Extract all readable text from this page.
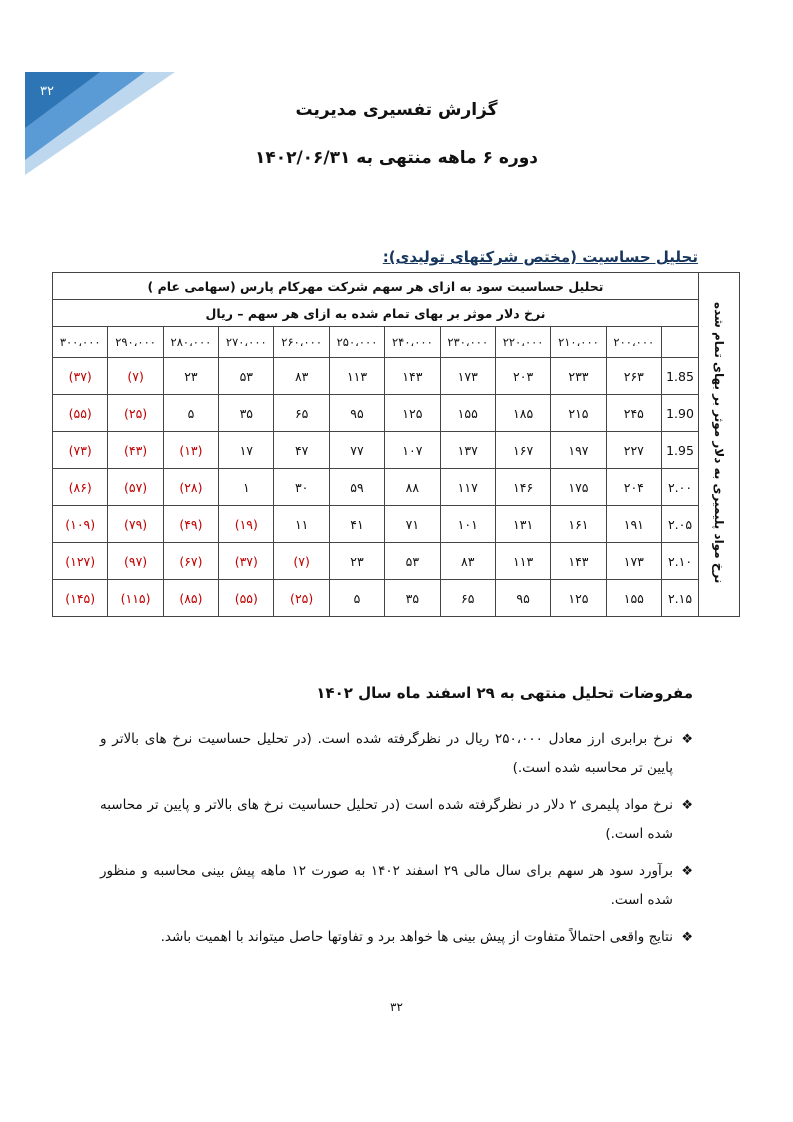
۳۲
گزارش تفسیری مدیریت
دوره ۶ ماهه منتهی به ۱۴۰۲/۰۶/۳۱
تحلیل حساسیت (مختص شرکتهای تولیدی):
نرخ مواد پلیمیری به دلار موثر بر بهای تمام شده	تحلیل حساسیت سود به ازای هر سهم شرکت مهرکام پارس (سهامی عام )											
	نرخ دلار موثر بر بهای تمام شده به ازای هر سهم – ریال											
		۲۰۰،۰۰۰	۲۱۰،۰۰۰	۲۲۰،۰۰۰	۲۳۰،۰۰۰	۲۴۰،۰۰۰	۲۵۰،۰۰۰	۲۶۰،۰۰۰	۲۷۰،۰۰۰	۲۸۰،۰۰۰	۲۹۰،۰۰۰	۳۰۰،۰۰۰
	1.85	۲۶۳	۲۳۳	۲۰۳	۱۷۳	۱۴۳	۱۱۳	۸۳	۵۳	۲۳	(۷)	(۳۷)
	1.90	۲۴۵	۲۱۵	۱۸۵	۱۵۵	۱۲۵	۹۵	۶۵	۳۵	۵	(۲۵)	(۵۵)
	1.95	۲۲۷	۱۹۷	۱۶۷	۱۳۷	۱۰۷	۷۷	۴۷	۱۷	(۱۳)	(۴۳)	(۷۳)
	۲.۰۰	۲۰۴	۱۷۵	۱۴۶	۱۱۷	۸۸	۵۹	۳۰	۱	(۲۸)	(۵۷)	(۸۶)
	۲.۰۵	۱۹۱	۱۶۱	۱۳۱	۱۰۱	۷۱	۴۱	۱۱	(۱۹)	(۴۹)	(۷۹)	(۱۰۹)
	۲.۱۰	۱۷۳	۱۴۳	۱۱۳	۸۳	۵۳	۲۳	(۷)	(۳۷)	(۶۷)	(۹۷)	(۱۲۷)
	۲.۱۵	۱۵۵	۱۲۵	۹۵	۶۵	۳۵	۵	(۲۵)	(۵۵)	(۸۵)	(۱۱۵)	(۱۴۵)
مفروضات تحلیل منتهی به ۲۹ اسفند ماه سال ۱۴۰۲
❖
نرخ برابری ارز معادل ۲۵۰،۰۰۰ ریال در نظرگرفته شده است. (در تحلیل حساسیت نرخ های بالاتر و پایین تر محاسبه شده است.)
❖
نرخ مواد پلیمری ۲ دلار در نظرگرفته شده است (در تحلیل حساسیت نرخ های بالاتر و پایین تر محاسبه شده است.)
❖
برآورد سود هر سهم برای سال مالی ۲۹ اسفند ۱۴۰۲ به صورت ۱۲ ماهه پیش بینی محاسبه و منظور شده است.
❖
نتایج واقعی احتمالاً متفاوت از پیش بینی ها خواهد برد و تفاوتها حاصل میتواند با اهمیت باشد.
۳۲
